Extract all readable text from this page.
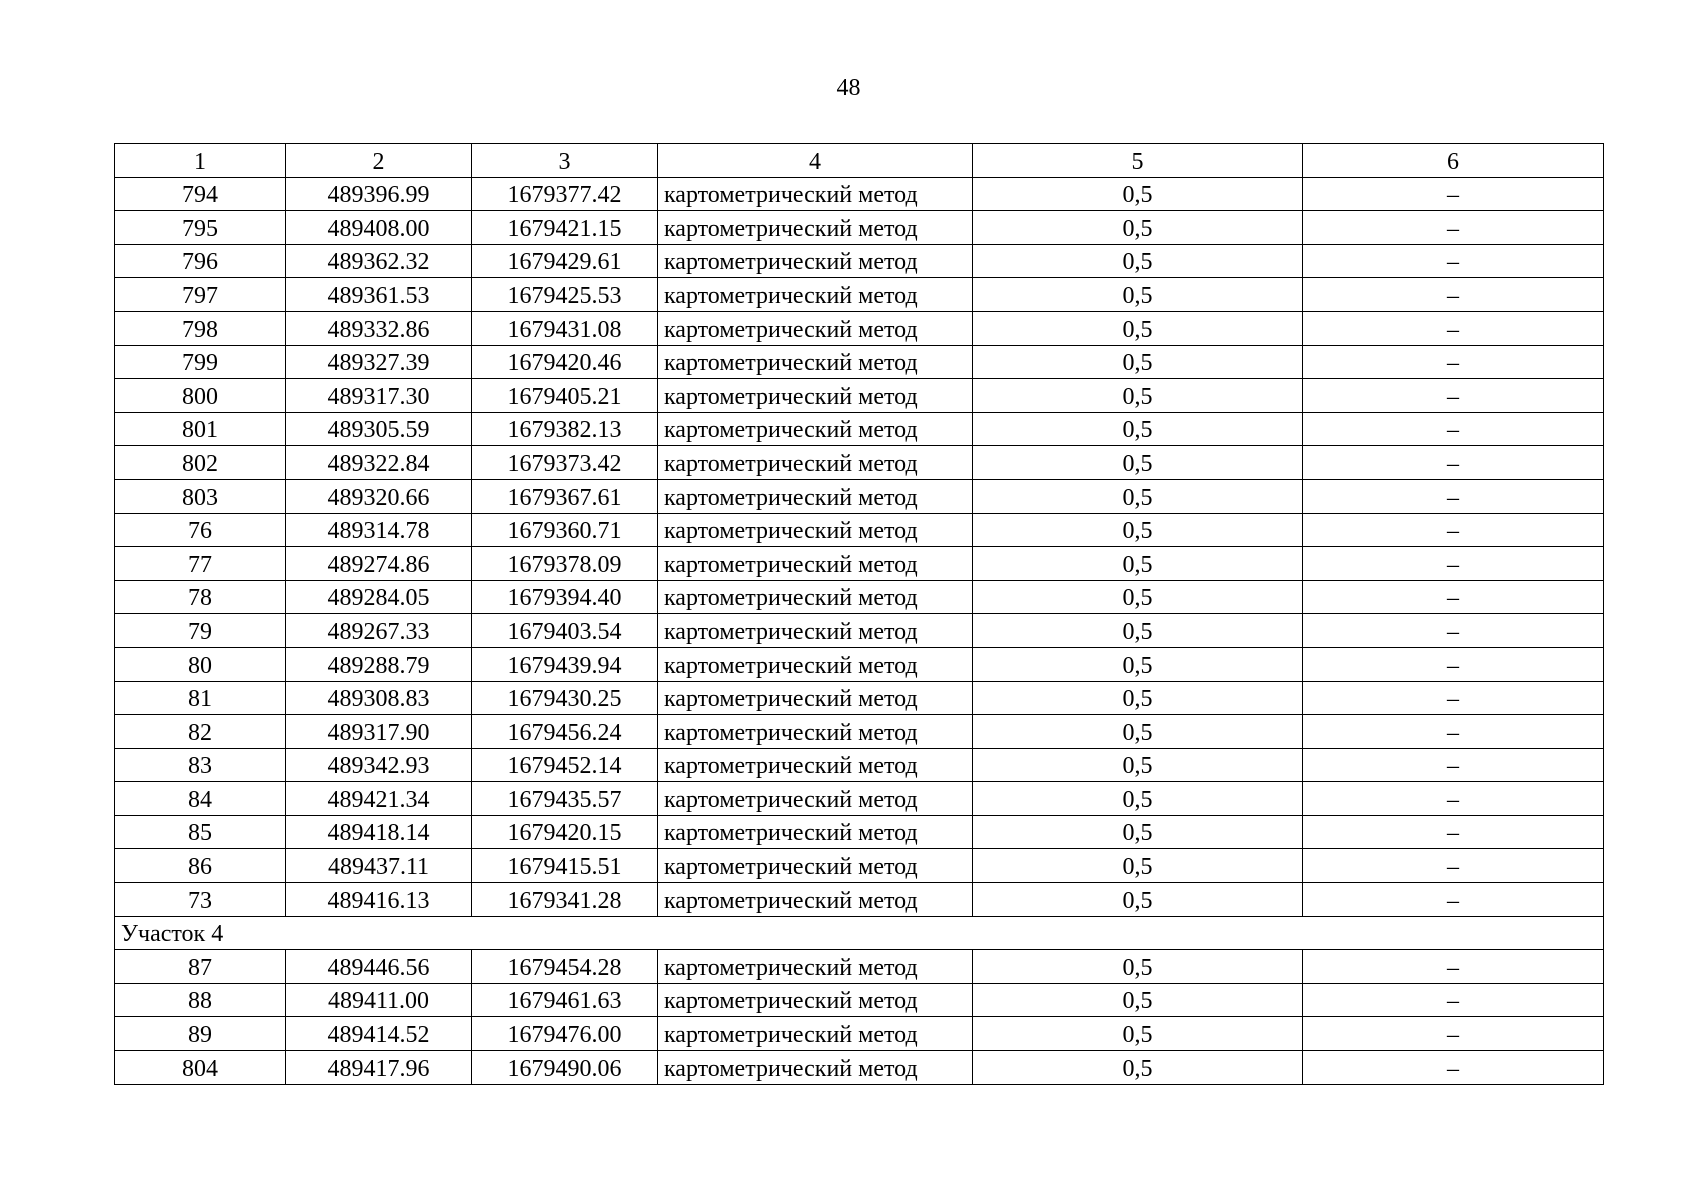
48
1	2	3	4	5	6
794	489396.99	1679377.42	картометрический метод	0,5	–
795	489408.00	1679421.15	картометрический метод	0,5	–
796	489362.32	1679429.61	картометрический метод	0,5	–
797	489361.53	1679425.53	картометрический метод	0,5	–
798	489332.86	1679431.08	картометрический метод	0,5	–
799	489327.39	1679420.46	картометрический метод	0,5	–
800	489317.30	1679405.21	картометрический метод	0,5	–
801	489305.59	1679382.13	картометрический метод	0,5	–
802	489322.84	1679373.42	картометрический метод	0,5	–
803	489320.66	1679367.61	картометрический метод	0,5	–
76	489314.78	1679360.71	картометрический метод	0,5	–
77	489274.86	1679378.09	картометрический метод	0,5	–
78	489284.05	1679394.40	картометрический метод	0,5	–
79	489267.33	1679403.54	картометрический метод	0,5	–
80	489288.79	1679439.94	картометрический метод	0,5	–
81	489308.83	1679430.25	картометрический метод	0,5	–
82	489317.90	1679456.24	картометрический метод	0,5	–
83	489342.93	1679452.14	картометрический метод	0,5	–
84	489421.34	1679435.57	картометрический метод	0,5	–
85	489418.14	1679420.15	картометрический метод	0,5	–
86	489437.11	1679415.51	картометрический метод	0,5	–
73	489416.13	1679341.28	картометрический метод	0,5	–
Участок 4					
87	489446.56	1679454.28	картометрический метод	0,5	–
88	489411.00	1679461.63	картометрический метод	0,5	–
89	489414.52	1679476.00	картометрический метод	0,5	–
804	489417.96	1679490.06	картометрический метод	0,5	–
